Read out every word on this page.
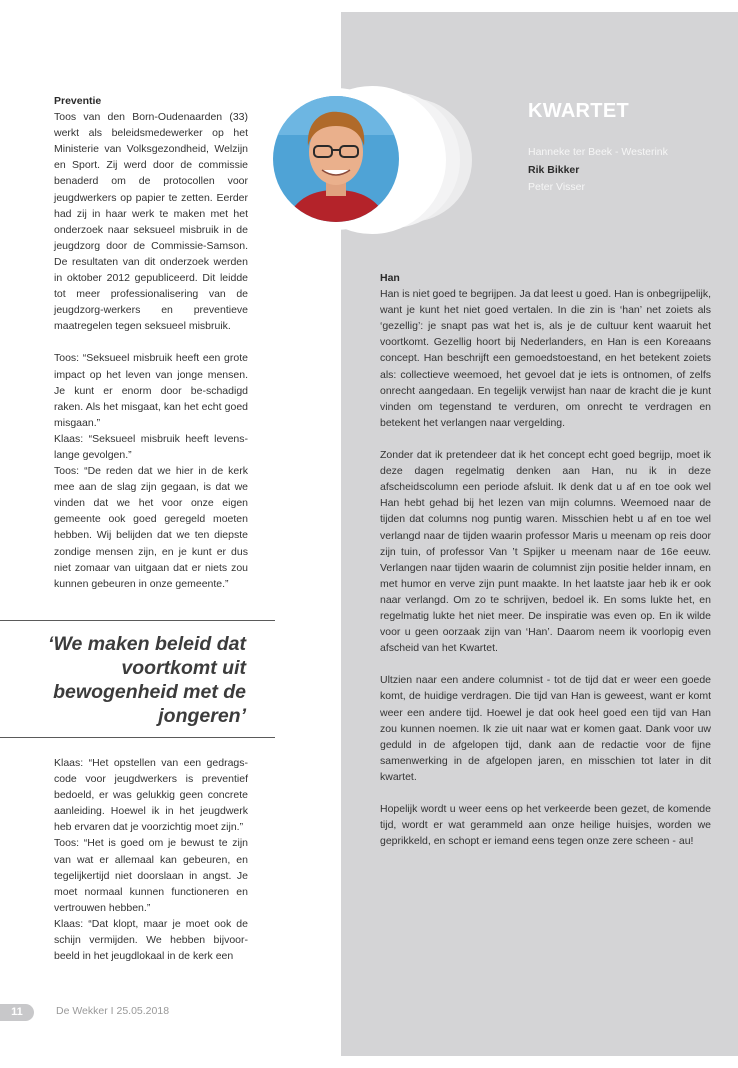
KWARTET
Hanneke ter Beek - Westerink
Rik Bikker
Peter Visser

Preventie

Toos van den Born-Oudenaarden (33) werkt als beleidsmedewerker op het Ministerie van Volksgezondheid, Welzijn en Sport. Zij werd door de commissie benaderd om de protocollen voor jeugdwerkers op papier te zetten. Eerder had zij in haar werk te maken met het onderzoek naar seksueel misbruik in de jeugdzorg door de Commissie-Samson. De resultaten van dit onderzoek werden in oktober 2012 gepubliceerd. Dit leidde tot meer professionalisering van de jeugdzorg-werkers en preventieve maatregelen tegen seksueel misbruik.

Toos: “Seksueel misbruik heeft een grote impact op het leven van jonge mensen. Je kunt er enorm door be-schadigd raken. Als het misgaat, kan het echt goed misgaan.”

Klaas: “Seksueel misbruik heeft levens-lange gevolgen.”

Toos: “De reden dat we hier in de kerk mee aan de slag zijn gegaan, is dat we vinden dat we het voor onze eigen gemeente ook goed geregeld moeten hebben. Wij belijden dat we ten diepste zondige mensen zijn, en je kunt er dus niet zomaar van uitgaan dat er niets zou kunnen gebeuren in onze gemeente.”

‘We maken beleid dat voortkomt uit bewogenheid met de jongeren’

Klaas: “Het opstellen van een gedrags-code voor jeugdwerkers is preventief bedoeld, er was gelukkig geen concrete aanleiding. Hoewel ik in het jeugdwerk heb ervaren dat je voorzichtig moet zijn.”

Toos: “Het is goed om je bewust te zijn van wat er allemaal kan gebeuren, en tegelijkertijd niet doorslaan in angst. Je moet normaal kunnen functioneren en vertrouwen hebben.”

Klaas: “Dat klopt, maar je moet ook de schijn vermijden. We hebben bijvoor-beeld in het jeugdlokaal in de kerk een

Han

Han is niet goed te begrijpen. Ja dat leest u goed. Han is onbegrijpelijk, want je kunt het niet goed vertalen. In die zin is ‘han’ net zoiets als ‘gezellig’: je snapt pas wat het is, als je de cultuur kent waaruit het voortkomt. Gezellig hoort bij Nederlanders, en Han is een Koreaans concept. Han beschrijft een gemoedstoestand, en het betekent zoiets als: collectieve weemoed, het gevoel dat je iets is ontnomen, of zelfs onrecht aangedaan. En tegelijk verwijst han naar de kracht die je kunt vinden om tegenstand te verduren, om onrecht te verdragen en betekent het verlangen naar vergelding.

Zonder dat ik pretendeer dat ik het concept echt goed begrijp, moet ik deze dagen regelmatig denken aan Han, nu ik in deze afscheidscolumn een periode afsluit. Ik denk dat u af en toe ook wel Han hebt gehad bij het lezen van mijn columns. Weemoed naar de tijden dat columns nog puntig waren. Misschien hebt u af en toe wel verlangd naar de tijden waarin professor Maris u meenam op reis door zijn tuin, of professor Van ’t Spijker u meenam naar de 16e eeuw. Verlangen naar tijden waarin de columnist zijn positie helder innam, en met humor en verve zijn punt maakte. In het laatste jaar heb ik er ook naar verlangd. Om zo te schrijven, bedoel ik. En soms lukte het, en regelmatig lukte het niet meer. De inspiratie was even op. En ik wilde voor u geen oorzaak zijn van ‘Han’. Daarom neem ik voorlopig even afscheid van het Kwartet.

Ultzien naar een andere columnist - tot de tijd dat er weer een goede komt, de huidige verdragen. Die tijd van Han is geweest, want er komt weer een andere tijd. Hoewel je dat ook heel goed een tijd van Han zou kunnen noemen. Ik zie uit naar wat er komen gaat. Dank voor uw geduld in de afgelopen tijd, dank aan de redactie voor de fijne samenwerking in de afgelopen jaren, en misschien tot later in dit kwartet.

Hopelijk wordt u weer eens op het verkeerde been gezet, de komende tijd, wordt er wat gerammeld aan onze heilige huisjes, worden we geprikkeld, en schopt er iemand eens tegen onze zere scheen - au!

11	De Wekker I 25.05.2018
